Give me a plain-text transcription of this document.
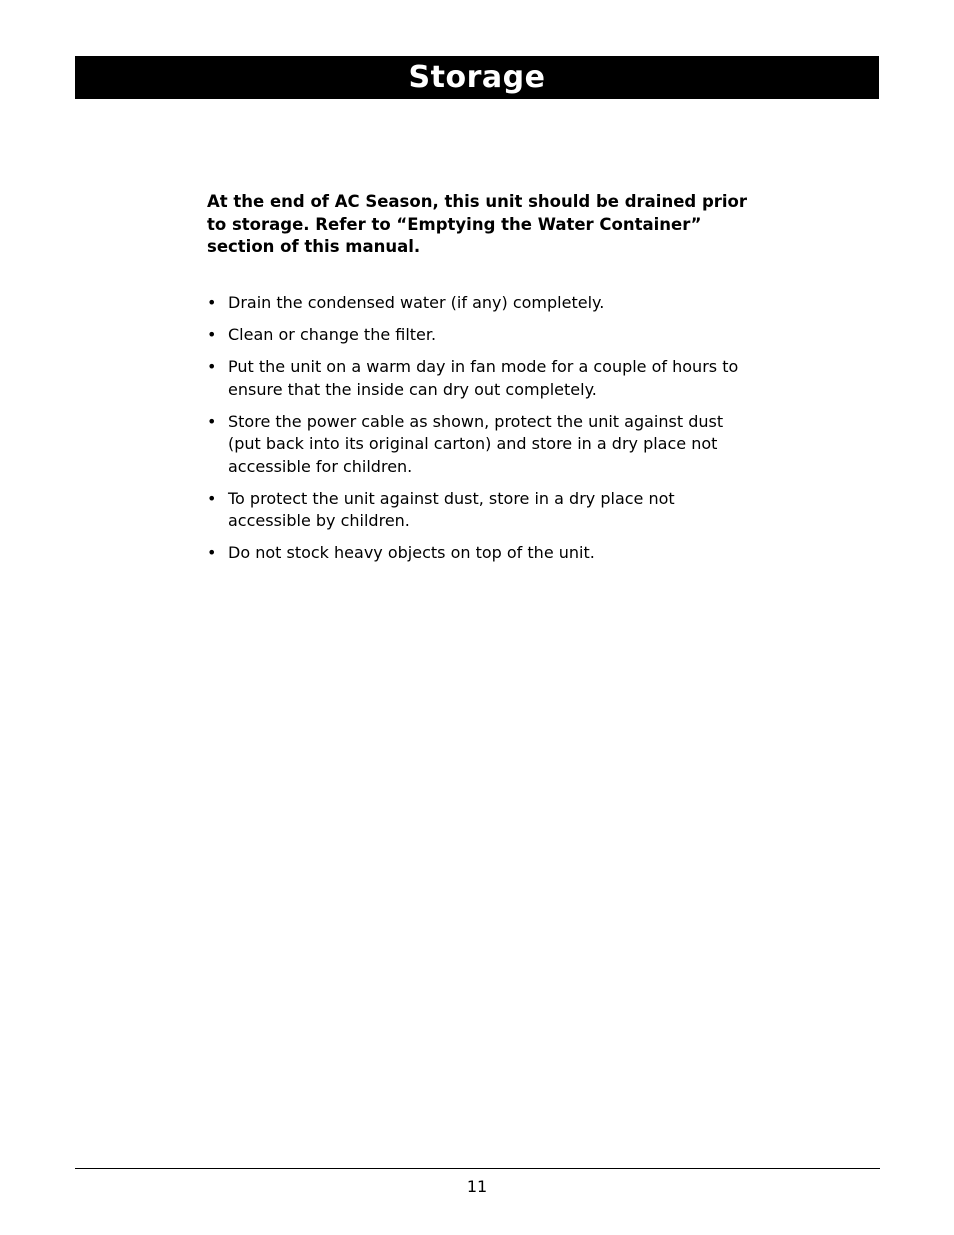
Storage

At the end of AC Season, this unit should be drained prior to storage. Refer to “Emptying the Water Container” section of this manual.

• Drain the condensed water (if any) completely.
• Clean or change the filter.
• Put the unit on a warm day in fan mode for a couple of hours to ensure that the inside can dry out completely.
• Store the power cable as shown, protect the unit against dust (put back into its original carton) and store in a dry place not accessible for children.
• To protect the unit against dust, store in a dry place not accessible by children.
• Do not stock heavy objects on top of the unit.
11
